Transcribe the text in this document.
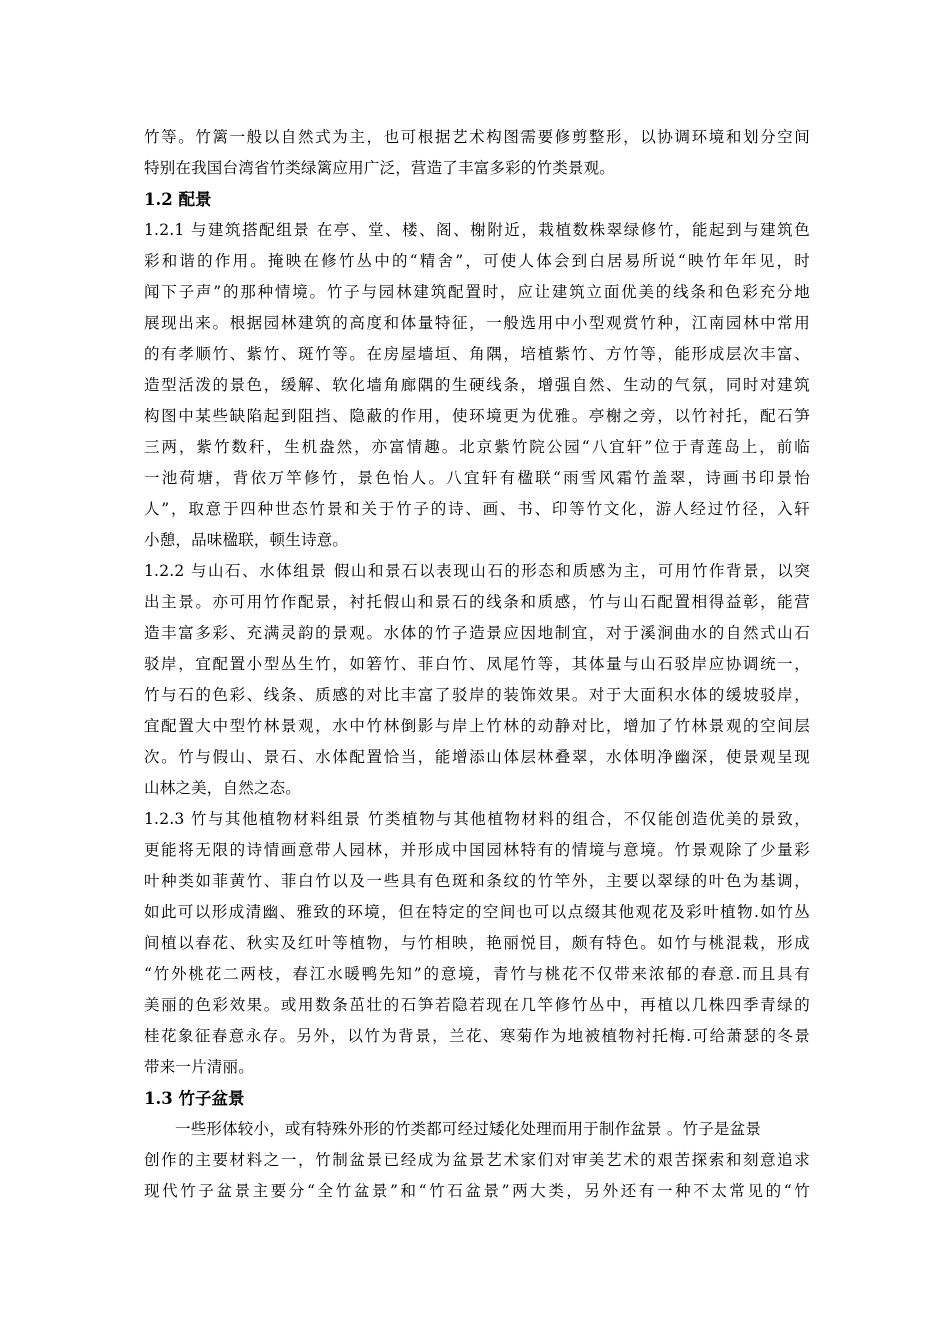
竹等。竹篱一般以自然式为主，也可根据艺术构图需要修剪整形，以协调环境和划分空间
特别在我国台湾省竹类绿篱应用广泛，营造了丰富多彩的竹类景观。
1.2 配景
1.2.1 与建筑搭配组景 在亭、堂、楼、阁、榭附近，栽植数株翠绿修竹，能起到与建筑色
彩和谐的作用。掩映在修竹丛中的“精舍”，可使人体会到白居易所说“映竹年年见，时
闻下子声”的那种情境。竹子与园林建筑配置时，应让建筑立面优美的线条和色彩充分地
展现出来。根据园林建筑的高度和体量特征，一般选用中小型观赏竹种，江南园林中常用
的有孝顺竹、紫竹、斑竹等。在房屋墙垣、角隅，培植紫竹、方竹等，能形成层次丰富、
造型活泼的景色，缓解、软化墙角廊隅的生硬线条，增强自然、生动的气氛，同时对建筑
构图中某些缺陷起到阻挡、隐蔽的作用，使环境更为优雅。亭榭之旁，以竹衬托，配石笋
三两，紫竹数秆，生机盎然，亦富情趣。北京紫竹院公园“八宜轩”位于青莲岛上，前临
一池荷塘，背依万竿修竹，景色怡人。八宜轩有楹联“雨雪风霜竹盖翠，诗画书印景怡
人”，取意于四种世态竹景和关于竹子的诗、画、书、印等竹文化，游人经过竹径，入轩
小憩，品味楹联，顿生诗意。
1.2.2 与山石、水体组景 假山和景石以表现山石的形态和质感为主，可用竹作背景，以突
出主景。亦可用竹作配景，衬托假山和景石的线条和质感，竹与山石配置相得益彰，能营
造丰富多彩、充满灵韵的景观。水体的竹子造景应因地制宜，对于溪涧曲水的自然式山石
驳岸，宜配置小型丛生竹，如箬竹、菲白竹、凤尾竹等，其体量与山石驳岸应协调统一，
竹与石的色彩、线条、质感的对比丰富了驳岸的装饰效果。对于大面积水体的缓坡驳岸，
宜配置大中型竹林景观，水中竹林倒影与岸上竹林的动静对比，增加了竹林景观的空间层
次。竹与假山、景石、水体配置恰当，能增添山体层林叠翠，水体明净幽深，使景观呈现
山林之美，自然之态。
1.2.3 竹与其他植物材料组景 竹类植物与其他植物材料的组合，不仅能创造优美的景致，
更能将无限的诗情画意带人园林，并形成中国园林特有的情境与意境。竹景观除了少量彩
叶种类如菲黄竹、菲白竹以及一些具有色斑和条纹的竹竿外，主要以翠绿的叶色为基调，
如此可以形成清幽、雅致的环境，但在特定的空间也可以点缀其他观花及彩叶植物.如竹丛
间植以春花、秋实及红叶等植物，与竹相映，艳丽悦目，颇有特色。如竹与桃混栽，形成
“竹外桃花二两枝，春江水暖鸭先知”的意境，青竹与桃花不仅带来浓郁的春意.而且具有
美丽的色彩效果。或用数条茁壮的石笋若隐若现在几竿修竹丛中，再植以几株四季青绿的
桂花象征春意永存。另外，以竹为背景，兰花、寒菊作为地被植物衬托梅.可给萧瑟的冬景
带来一片清丽。
1.3 竹子盆景
一些形体较小，或有特殊外形的竹类都可经过矮化处理而用于制作盆景 。竹子是盆景
创作的主要材料之一，竹制盆景已经成为盆景艺术家们对审美艺术的艰苦探索和刻意追求
现代竹子盆景主要分“全竹盆景”和“竹石盆景”两大类，另外还有一种不太常见的“竹
